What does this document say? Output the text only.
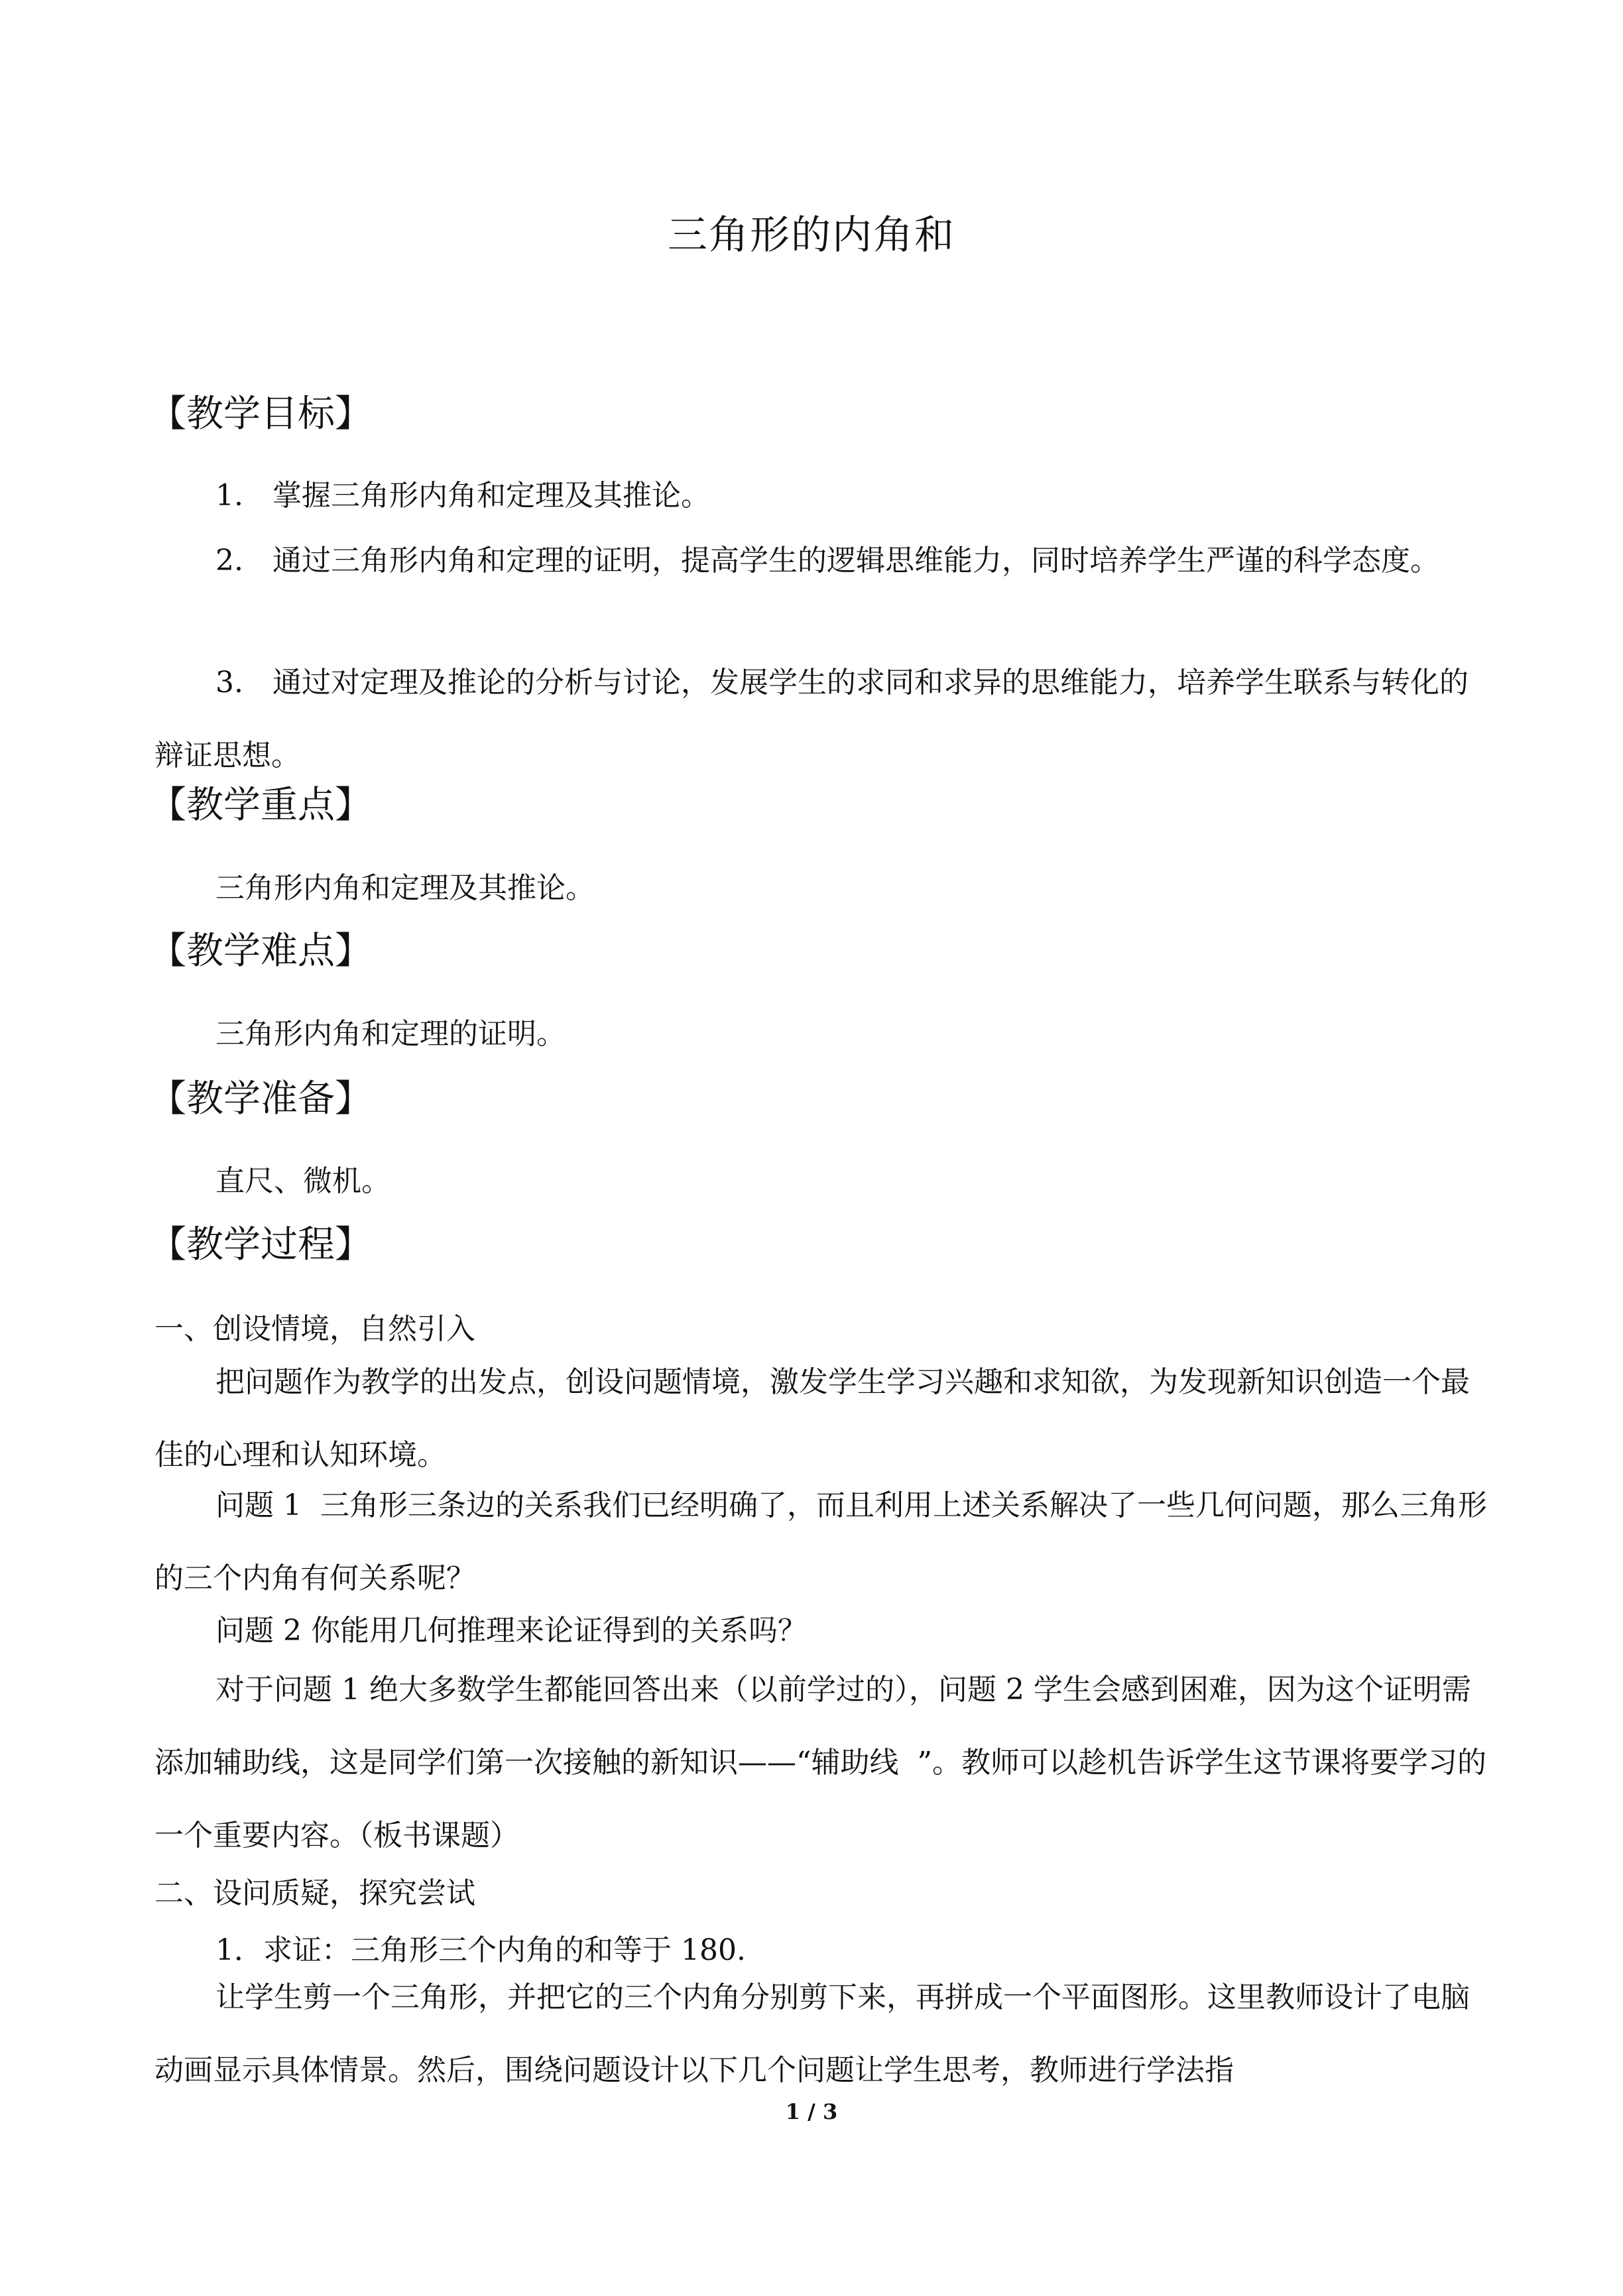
三角形的内角和
【教学目标】
1.　掌握三角形内角和定理及其推论。
2.　通过三角形内角和定理的证明，提高学生的逻辑思维能力，同时培养学生严谨的科学态度。
3.　通过对定理及推论的分析与讨论，发展学生的求同和求异的思维能力，培养学生联系与转化的辩证思想。
【教学重点】
三角形内角和定理及其推论。
【教学难点】
三角形内角和定理的证明。
【教学准备】
直尺、微机。
【教学过程】
一、创设情境，自然引入
把问题作为教学的出发点，创设问题情境，激发学生学习兴趣和求知欲，为发现新知识创造一个最佳的心理和认知环境。
问题 1  三角形三条边的关系我们已经明确了，而且利用上述关系解决了一些几何问题，那么三角形的三个内角有何关系呢？
问题 2 你能用几何推理来论证得到的关系吗？
对于问题 1 绝大多数学生都能回答出来（以前学过的），问题 2 学生会感到困难，因为这个证明需添加辅助线，这是同学们第一次接触的新知识——“辅助线  ”。教师可以趁机告诉学生这节课将要学习的一个重要内容。（板书课题）
二、设问质疑，探究尝试
1．求证：三角形三个内角的和等于 180.
让学生剪一个三角形，并把它的三个内角分别剪下来，再拼成一个平面图形。这里教师设计了电脑动画显示具体情景。然后，围绕问题设计以下几个问题让学生思考，教师进行学法指
1 / 3
